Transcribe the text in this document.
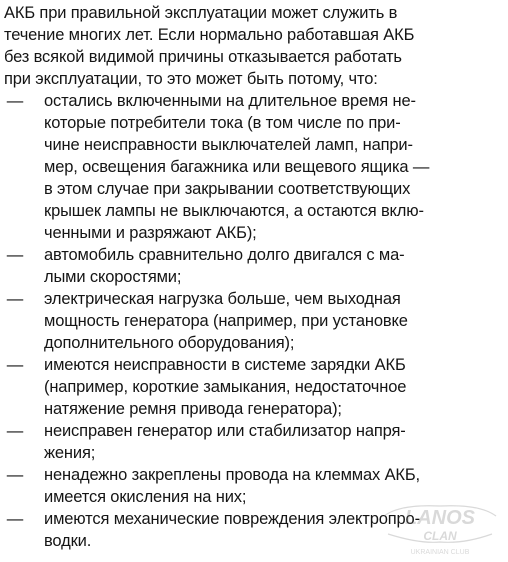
АКБ при правильной эксплуатации может служить в
течение многих лет. Если нормально работавшая АКБ
без всякой видимой причины отказывается работать
при эксплуатации, то это может быть потому, что:
— остались включенными на длительное время не-
которые потребители тока (в том числе по при-
чине неисправности выключателей ламп, напри-
мер, освещения багажника или вещевого ящика —
в этом случае при закрывании соответствующих
крышек лампы не выключаются, а остаются вклю-
ченными и разряжают АКБ);
— автомобиль сравнительно долго двигался с ма-
лыми скоростями;
— электрическая нагрузка больше, чем выходная
мощность генератора (например, при установке
дополнительного оборудования);
— имеются неисправности в системе зарядки АКБ
(например, короткие замыкания, недостаточное
натяжение ремня привода генератора);
— неисправен генератор или стабилизатор напря-
жения;
— ненадежно закреплены провода на клеммах АКБ,
имеется окисления на них;
— имеются механические повреждения электропро-
водки.
LANOS
CLAN
UKRAINIAN CLUB
